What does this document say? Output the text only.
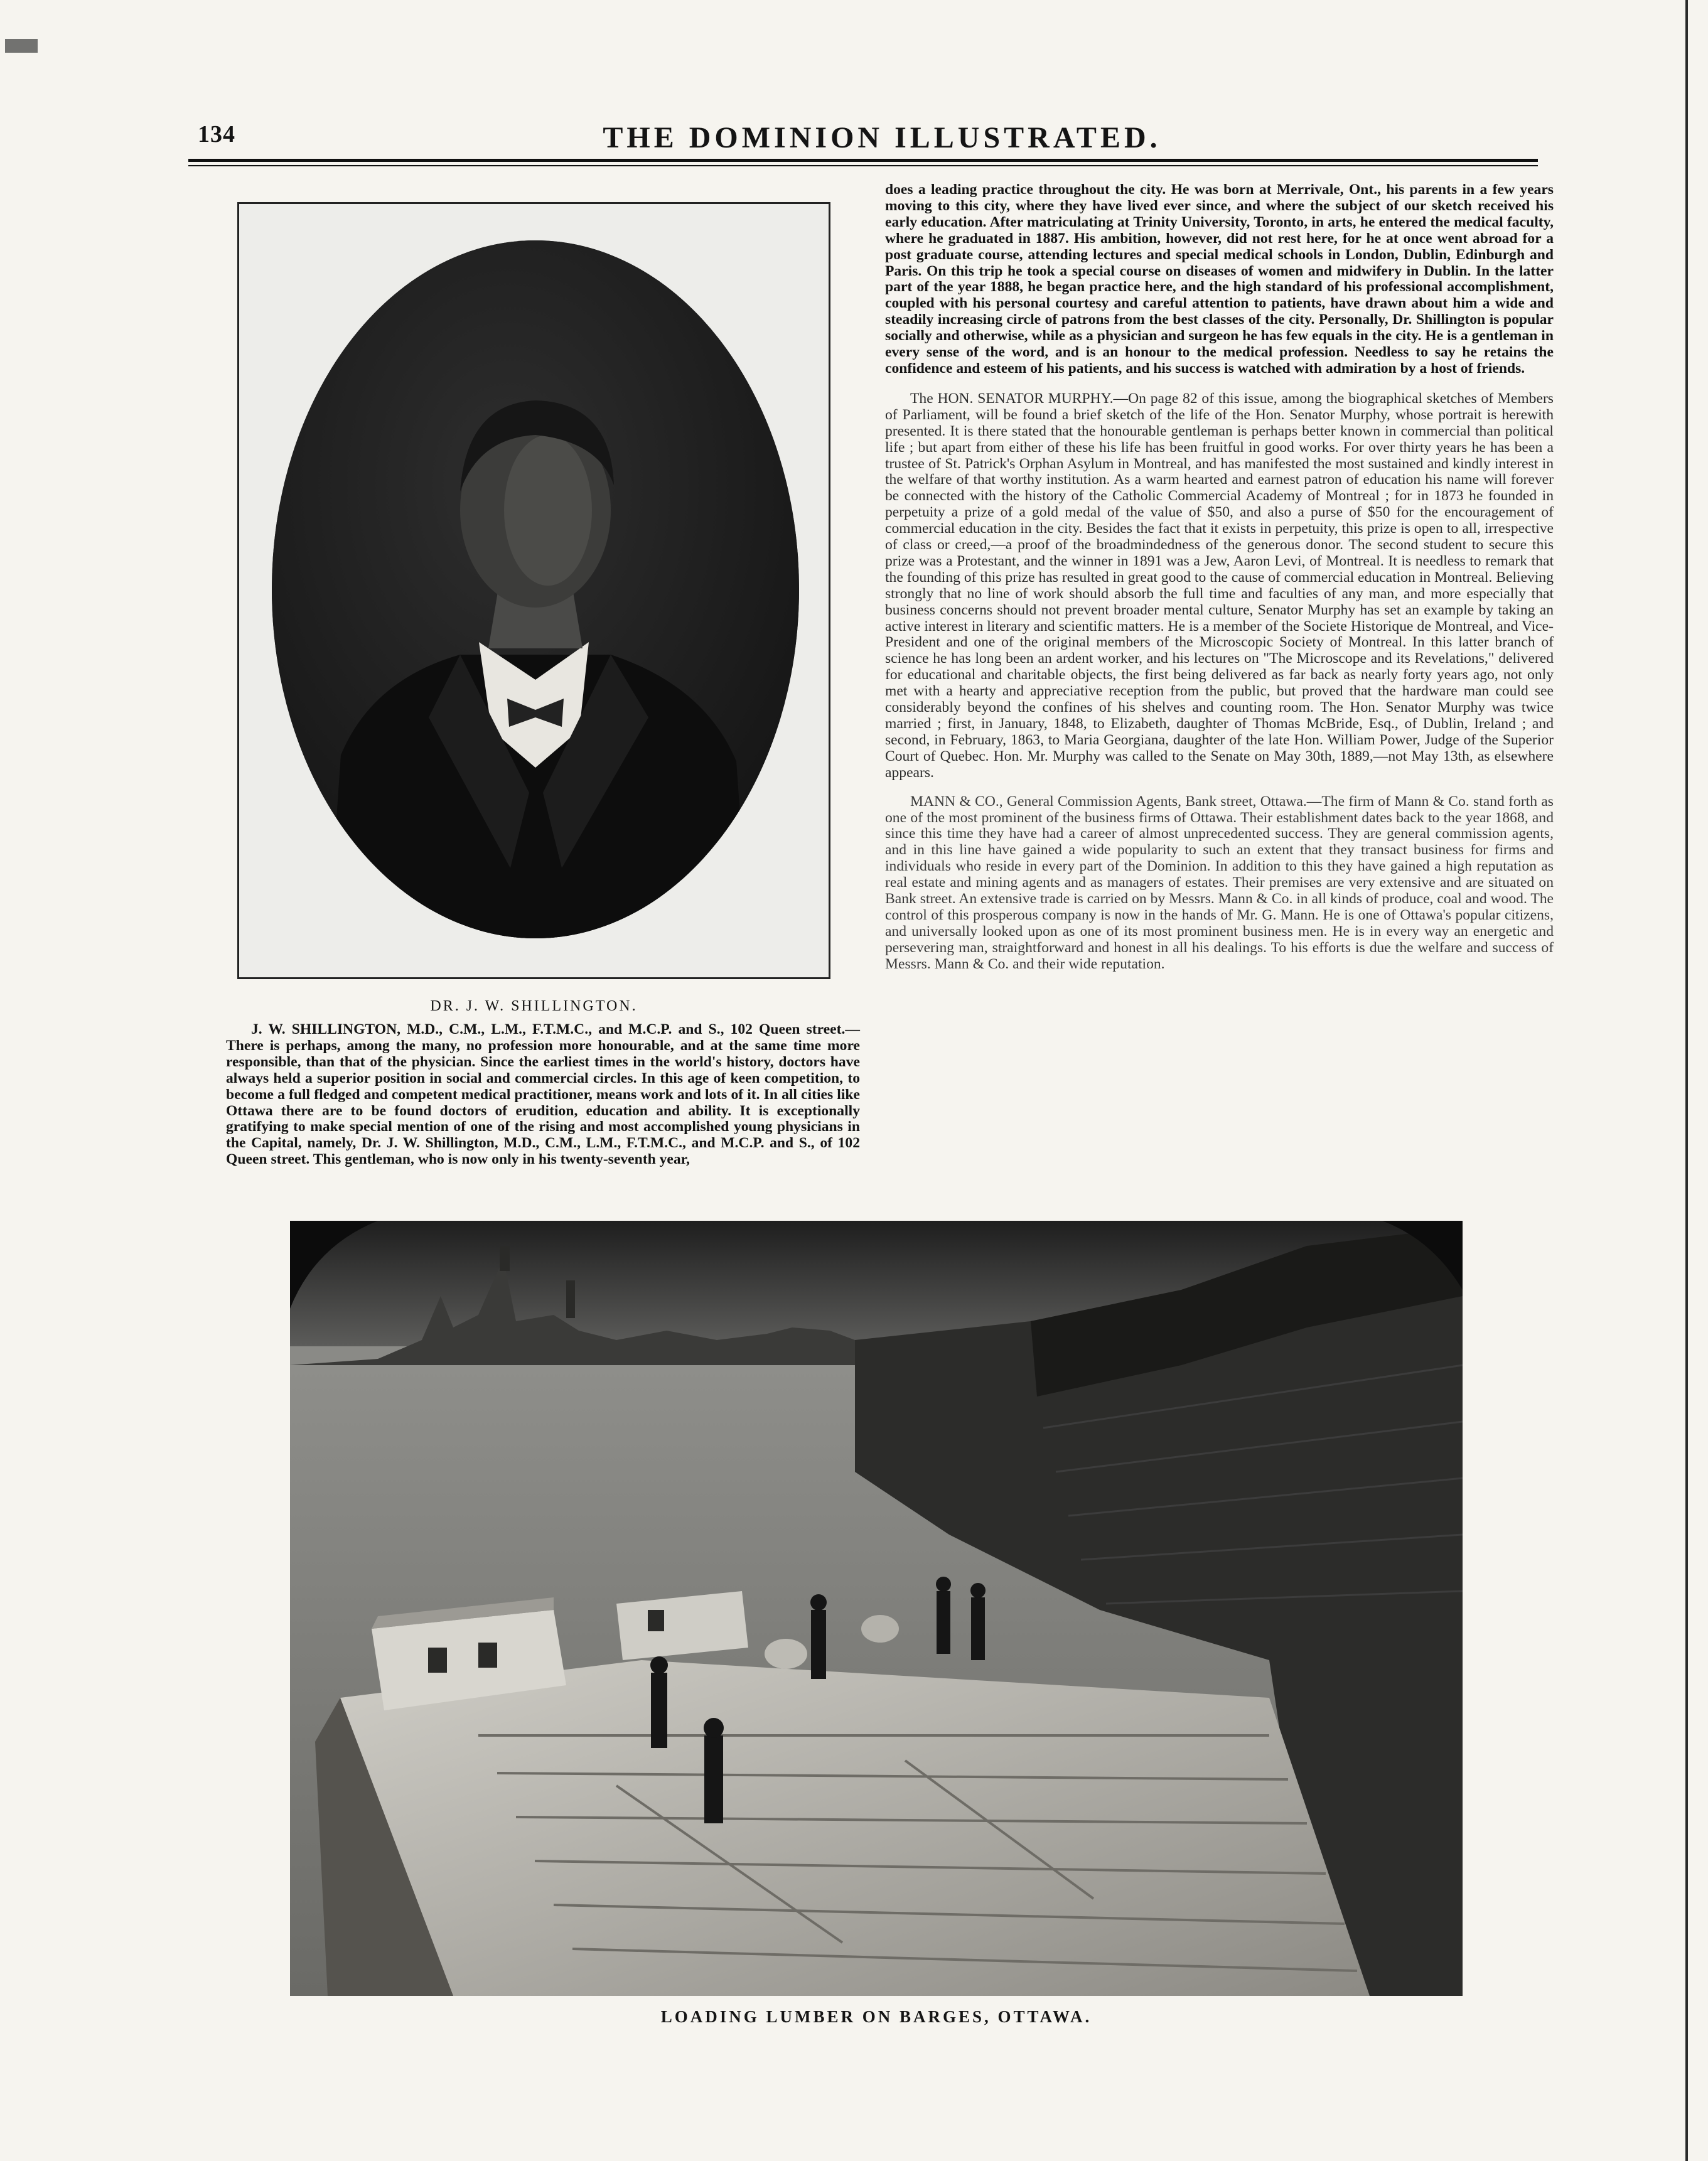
134	THE DOMINION ILLUSTRATED.
DR. J. W. SHILLINGTON.

J. W. SHILLINGTON, M.D., C.M., L.M., F.T.M.C., and M.C.P. and S., 102 Queen street.—There is perhaps, among the many, no profession more honourable, and at the same time more responsible, than that of the physician. Since the earliest times in the world's history, doctors have always held a superior position in social and commercial circles. In this age of keen competition, to become a full fledged and competent medical practitioner, means work and lots of it. In all cities like Ottawa there are to be found doctors of erudition, education and ability. It is exceptionally gratifying to make special mention of one of the rising and most accomplished young physicians in the Capital, namely, Dr. J. W. Shillington, M.D., C.M., L.M., F.T.M.C., and M.C.P. and S., of 102 Queen street. This gentleman, who is now only in his twenty-seventh year,

does a leading practice throughout the city. He was born at Merrivale, Ont., his parents in a few years moving to this city, where they have lived ever since, and where the subject of our sketch received his early education. After matriculating at Trinity University, Toronto, in arts, he entered the medical faculty, where he graduated in 1887. His ambition, however, did not rest here, for he at once went abroad for a post graduate course, attending lectures and special medical schools in London, Dublin, Edinburgh and Paris. On this trip he took a special course on diseases of women and midwifery in Dublin. In the latter part of the year 1888, he began practice here, and the high standard of his professional accomplishment, coupled with his personal courtesy and careful attention to patients, have drawn about him a wide and steadily increasing circle of patrons from the best classes of the city. Personally, Dr. Shillington is popular socially and otherwise, while as a physician and surgeon he has few equals in the city. He is a gentleman in every sense of the word, and is an honour to the medical profession. Needless to say he retains the confidence and esteem of his patients, and his success is watched with admiration by a host of friends.

The HON. SENATOR MURPHY.—On page 82 of this issue, among the biographical sketches of Members of Parliament, will be found a brief sketch of the life of the Hon. Senator Murphy, whose portrait is herewith presented. It is there stated that the honourable gentleman is perhaps better known in commercial than political life ; but apart from either of these his life has been fruitful in good works. For over thirty years he has been a trustee of St. Patrick's Orphan Asylum in Montreal, and has manifested the most sustained and kindly interest in the welfare of that worthy institution. As a warm hearted and earnest patron of education his name will forever be connected with the history of the Catholic Commercial Academy of Montreal ; for in 1873 he founded in perpetuity a prize of a gold medal of the value of $50, and also a purse of $50 for the encouragement of commercial education in the city. Besides the fact that it exists in perpetuity, this prize is open to all, irrespective of class or creed,—a proof of the broadmindedness of the generous donor. The second student to secure this prize was a Protestant, and the winner in 1891 was a Jew, Aaron Levi, of Montreal. It is needless to remark that the founding of this prize has resulted in great good to the cause of commercial education in Montreal. Believing strongly that no line of work should absorb the full time and faculties of any man, and more especially that business concerns should not prevent broader mental culture, Senator Murphy has set an example by taking an active interest in literary and scientific matters. He is a member of the Societe Historique de Montreal, and Vice-President and one of the original members of the Microscopic Society of Montreal. In this latter branch of science he has long been an ardent worker, and his lectures on "The Microscope and its Revelations," delivered for educational and charitable objects, the first being delivered as far back as nearly forty years ago, not only met with a hearty and appreciative reception from the public, but proved that the hardware man could see considerably beyond the confines of his shelves and counting room. The Hon. Senator Murphy was twice married ; first, in January, 1848, to Elizabeth, daughter of Thomas McBride, Esq., of Dublin, Ireland ; and second, in February, 1863, to Maria Georgiana, daughter of the late Hon. William Power, Judge of the Superior Court of Quebec. Hon. Mr. Murphy was called to the Senate on May 30th, 1889,—not May 13th, as elsewhere appears.

MANN & CO., General Commission Agents, Bank street, Ottawa.—The firm of Mann & Co. stand forth as one of the most prominent of the business firms of Ottawa. Their establishment dates back to the year 1868, and since this time they have had a career of almost unprecedented success. They are general commission agents, and in this line have gained a wide popularity to such an extent that they transact business for firms and individuals who reside in every part of the Dominion. In addition to this they have gained a high reputation as real estate and mining agents and as managers of estates. Their premises are very extensive and are situated on Bank street. An extensive trade is carried on by Messrs. Mann & Co. in all kinds of produce, coal and wood. The control of this prosperous company is now in the hands of Mr. G. Mann. He is one of Ottawa's popular citizens, and universally looked upon as one of its most prominent business men. He is in every way an energetic and persevering man, straightforward and honest in all his dealings. To his efforts is due the welfare and success of Messrs. Mann & Co. and their wide reputation.

LOADING LUMBER ON BARGES, OTTAWA.
